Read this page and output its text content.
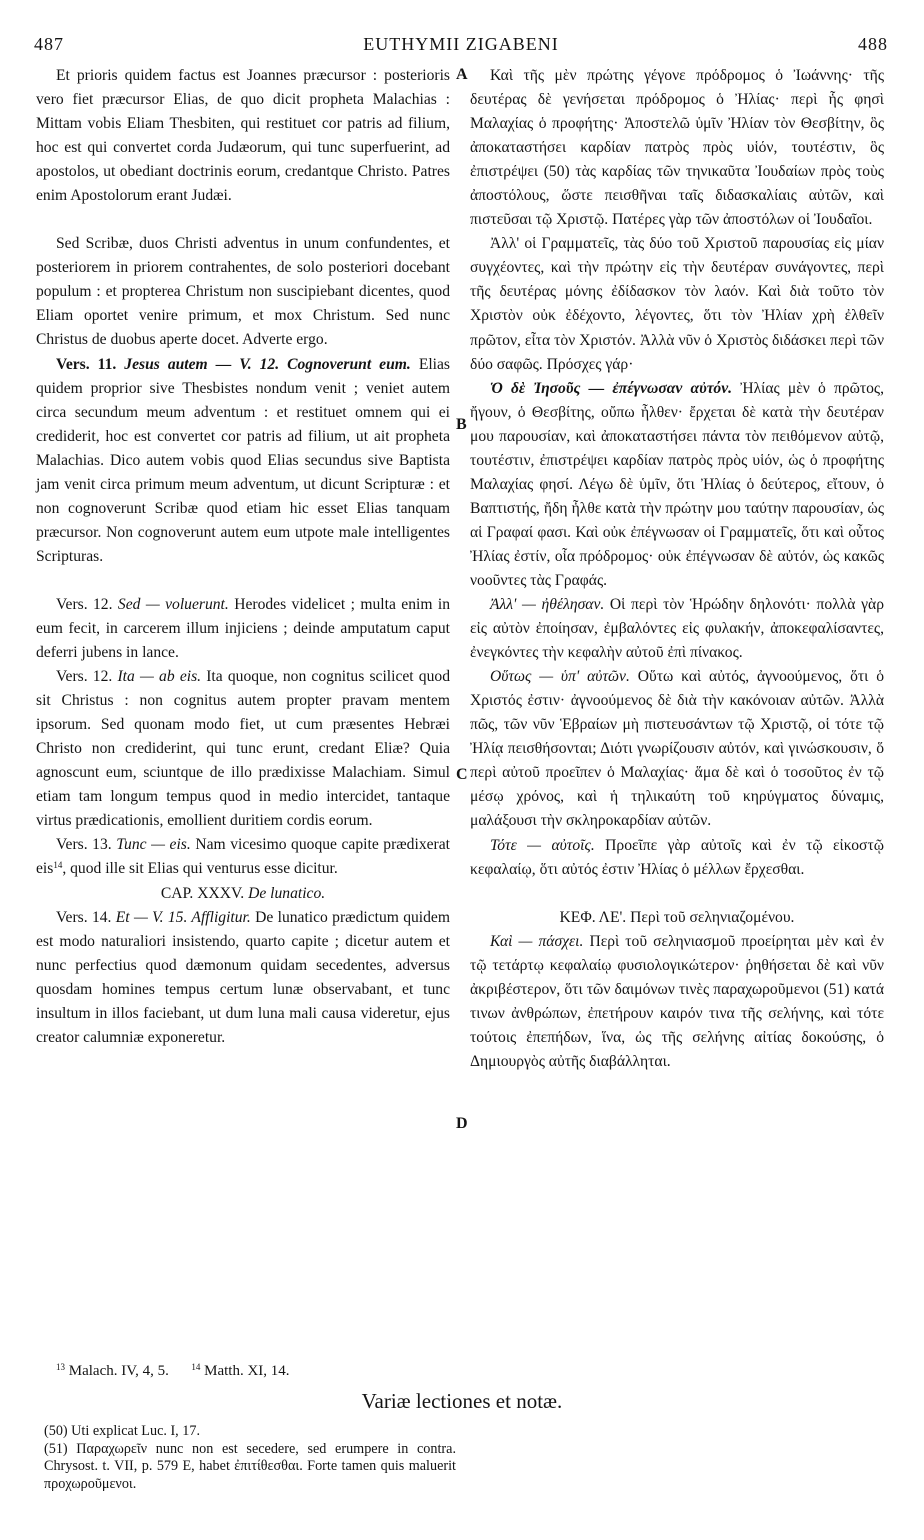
487	EUTHYMII ZIGABENI	488

Et prioris quidem factus est Joannes præcursor : posterioris vero fiet præcursor Elias, de quo dicit propheta Malachias : Mittam vobis Eliam Thesbiten, qui restituet cor patris ad filium, hoc est qui convertet corda Judæorum, qui tunc superfuerint, ad apostolos, ut obediant doctrinis eorum, credantque Christo. Patres enim Apostolorum erant Judæi.

Sed Scribæ, duos Christi adventus in unum confundentes, et posteriorem in priorem contrahentes, de solo posteriori docebant populum : et propterea Christum non suscipiebant dicentes, quod Eliam oportet venire primum, et mox Christum. Sed nunc Christus de duobus aperte docet. Adverte ergo.

Vers. 11. Jesus autem — V. 12. Cognoverunt eum. Elias quidem proprior sive Thesbistes nondum venit ; veniet autem circa secundum meum adventum : et restituet omnem qui ei crediderit, hoc est convertet cor patris ad filium, ut ait propheta Malachias. Dico autem vobis quod Elias secundus sive Baptista jam venit circa primum meum adventum, ut dicunt Scripturæ : et non cognoverunt Scribæ quod etiam hic esset Elias tanquam præcursor. Non cognoverunt autem eum utpote male intelligentes Scripturas.

Vers. 12. Sed — voluerunt. Herodes videlicet ; multa enim in eum fecit, in carcerem illum injiciens ; deinde amputatum caput deferri jubens in lance.

Vers. 12. Ita — ab eis. Ita quoque, non cognitus scilicet quod sit Christus : non cognitus autem propter pravam mentem ipsorum. Sed quonam modo fiet, ut cum præsentes Hebræi Christo non crediderint, qui tunc erunt, credant Eliæ? Quia agnoscunt eum, sciuntque de illo prædixisse Malachiam. Simul etiam tam longum tempus quod in medio intercidet, tantaque virtus prædicationis, emollient duritiem cordis eorum.

Vers. 13. Tunc — eis. Nam vicesimo quoque capite prædixerat eis$^{14}$, quod ille sit Elias qui venturus esse dicitur.

CAP. XXXV. De lunatico.

Vers. 14. Et — V. 15. Affligitur. De lunatico prædictum quidem est modo naturaliori insistendo, quarto capite ; dicetur autem et nunc perfectius quod dæmonum quidam secedentes, adversus quosdam homines tempus certum lunæ observabant, et tunc insultum in illos faciebant, ut dum luna mali causa videretur, ejus creator calumniæ exponeretur.

A
B
C
D

Καὶ τῆς μὲν πρώτης γέγονε πρόδρομος ὁ Ἰωάννης· τῆς δευτέρας δὲ γενήσεται πρόδρομος ὁ Ἠλίας· περὶ ἧς φησὶ Μαλαχίας ὁ προφήτης· Ἀποστελῶ ὑμῖν Ἠλίαν τὸν Θεσβίτην, ὃς ἀποκαταστήσει καρδίαν πατρὸς πρὸς υἱόν, τουτέστιν, ὃς ἐπιστρέψει (50) τὰς καρδίας τῶν τηνικαῦτα Ἰουδαίων πρὸς τοὺς ἀποστόλους, ὥστε πεισθῆναι ταῖς διδασκαλίαις αὐτῶν, καὶ πιστεῦσαι τῷ Χριστῷ. Πατέρες γὰρ τῶν ἀποστόλων οἱ Ἰουδαῖοι.

Ἀλλ' οἱ Γραμματεῖς, τὰς δύο τοῦ Χριστοῦ παρουσίας εἰς μίαν συγχέοντες, καὶ τὴν πρώτην εἰς τὴν δευτέραν συνάγοντες, περὶ τῆς δευτέρας μόνης ἐδίδασκον τὸν λαόν. Καὶ διὰ τοῦτο τὸν Χριστὸν οὐκ ἐδέχοντο, λέγοντες, ὅτι τὸν Ἠλίαν χρὴ ἐλθεῖν πρῶτον, εἶτα τὸν Χριστόν. Ἀλλὰ νῦν ὁ Χριστὸς διδάσκει περὶ τῶν δύο σαφῶς. Πρόσχες γάρ·

Ὁ δὲ Ἰησοῦς — ἐπέγνωσαν αὐτόν. Ἠλίας μὲν ὁ πρῶτος, ἤγουν, ὁ Θεσβίτης, οὔπω ἦλθεν· ἔρχεται δὲ κατὰ τὴν δευτέραν μου παρουσίαν, καὶ ἀποκαταστήσει πάντα τὸν πειθόμενον αὐτῷ, τουτέστιν, ἐπιστρέψει καρδίαν πατρὸς πρὸς υἱόν, ὡς ὁ προφήτης Μαλαχίας φησί. Λέγω δὲ ὑμῖν, ὅτι Ἠλίας ὁ δεύτερος, εἴτουν, ὁ Βαπτιστής, ἤδη ἦλθε κατὰ τὴν πρώτην μου ταύτην παρουσίαν, ὡς αἱ Γραφαί φασι. Καὶ οὐκ ἐπέγνωσαν οἱ Γραμματεῖς, ὅτι καὶ οὗτος Ἠλίας ἐστίν, οἷα πρόδρομος· οὐκ ἐπέγνωσαν δὲ αὐτόν, ὡς κακῶς νοοῦντες τὰς Γραφάς.

Ἀλλ' — ἠθέλησαν. Οἱ περὶ τὸν Ἡρώδην δηλονότι· πολλὰ γὰρ εἰς αὐτὸν ἐποίησαν, ἐμβαλόντες εἰς φυλακήν, ἀποκεφαλίσαντες, ἐνεγκόντες τὴν κεφαλὴν αὐτοῦ ἐπὶ πίνακος.

Οὕτως — ὑπ' αὐτῶν. Οὕτω καὶ αὐτός, ἀγνοούμενος, ὅτι ὁ Χριστός ἐστιν· ἀγνοούμενος δὲ διὰ τὴν κακόνοιαν αὐτῶν. Ἀλλὰ πῶς, τῶν νῦν Ἑβραίων μὴ πιστευσάντων τῷ Χριστῷ, οἱ τότε τῷ Ἠλίᾳ πεισθήσονται; Διότι γνωρίζουσιν αὐτόν, καὶ γινώσκουσιν, ὅ περὶ αὐτοῦ προεῖπεν ὁ Μαλαχίας· ἅμα δὲ καὶ ὁ τοσοῦτος ἐν τῷ μέσῳ χρόνος, καὶ ἡ τηλικαύτη τοῦ κηρύγματος δύναμις, μαλάξουσι τὴν σκληροκαρδίαν αὐτῶν.

Τότε — αὐτοῖς. Προεῖπε γὰρ αὐτοῖς καὶ ἐν τῷ εἰκοστῷ κεφαλαίῳ, ὅτι αὐτός ἐστιν Ἠλίας ὁ μέλλων ἔρχεσθαι.

ΚΕΦ. ΛΕ'. Περὶ τοῦ σεληνιαζομένου.

Καὶ — πάσχει. Περὶ τοῦ σεληνιασμοῦ προείρηται μὲν καὶ ἐν τῷ τετάρτῳ κεφαλαίῳ φυσιολογικώτερον· ῥηθήσεται δὲ καὶ νῦν ἀκριβέστερον, ὅτι τῶν δαιμόνων τινὲς παραχωροῦμενοι (51) κατά τινων ἀνθρώπων, ἐπετήρουν καιρόν τινα τῆς σελήνης, καὶ τότε τούτοις ἐπεπήδων, ἵνα, ὡς τῆς σελήνης αἰτίας δοκούσης, ὁ Δημιουργὸς αὐτῆς διαβάλληται.

$^{13}$ Malach. IV, 4, 5.	$^{14}$ Matth. XI, 14.
Variæ lectiones et notæ.

(50) Uti explicat Luc. I, 17.

(51) Παραχωρεῖν nunc non est secedere, sed erumpere in contra. Chrysost. t. VII, p. 579 E, habet ἐπιτίθεσθαι. Forte tamen quis maluerit προχωροῦμενοι.
